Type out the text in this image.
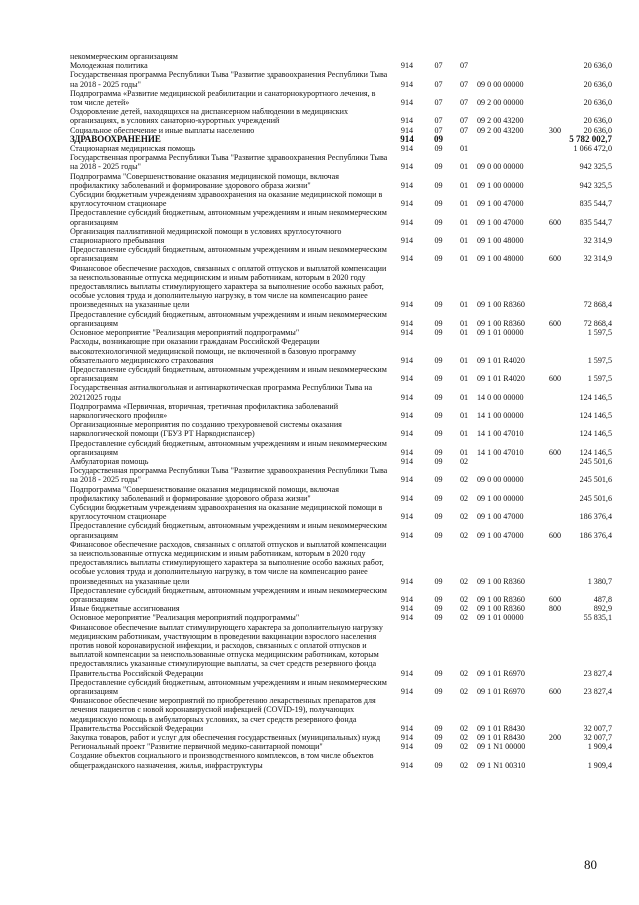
некоммерческим организациям						
Молодежная политика	914	07	07			20 636,0
Государственная программа Республики Тыва "Развитие здравоохранения Республики Тыва на 2018 - 2025 годы"	914	07	07	09 0 00 00000		20 636,0
Подпрограмма «Развитие медицинской реабилитации и санаторнокурортного лечения, в том числе детей»	914	07	07	09 2 00 00000		20 636,0
Оздоровление детей, находящихся на диспансерном наблюдении в медицинских организациях, в условиях санаторно-курортных учреждений	914	07	07	09 2 00 43200		20 636,0
Социальное обеспечение и иные выплаты населению	914	07	07	09 2 00 43200	300	20 636,0
ЗДРАВООХРАНЕНИЕ	914	09				5 782 002,7
Стационарная медицинская помощь	914	09	01			1 066 472,0
Государственная программа Республики Тыва "Развитие здравоохранения Республики Тыва на 2018 - 2025 годы"	914	09	01	09 0 00 00000		942 325,5
Подпрограмма "Совершенствование оказания медицинской помощи, включая профилактику заболеваний и формирование здорового образа жизни"	914	09	01	09 1 00 00000		942 325,5
Субсидии бюджетным учреждениям здравоохранения на оказание медицинской помощи в круглосуточном стационаре	914	09	01	09 1 00 47000		835 544,7
Предоставление субсидий бюджетным, автономным учреждениям и иным некоммерческим организациям	914	09	01	09 1 00 47000	600	835 544,7
Организация паллиативной медицинской помощи в условиях круглосуточного стационарного пребывания	914	09	01	09 1 00 48000		32 314,9
Предоставление субсидий бюджетным, автономным учреждениям и иным некоммерческим организациям	914	09	01	09 1 00 48000	600	32 314,9
Финансовое обеспечение расходов, связанных с оплатой отпусков и выплатой компенсации за неиспользованные отпуска медицинским и иным работникам, которым в 2020 году предоставлялись выплаты стимулирующего характера за выполнение особо важных работ, особые условия труда и дополнительную нагрузку, в том числе на компенсацию ранее произведенных на указанные цели	914	09	01	09 1 00 R8360		72 868,4
Предоставление субсидий бюджетным, автономным учреждениям и иным некоммерческим организациям	914	09	01	09 1 00 R8360	600	72 868,4
Основное мероприятие "Реализация мероприятий подпрограммы"	914	09	01	09 1 01 00000		1 597,5
Расходы, возникающие при оказании гражданам Российской Федерации высокотехнологичной медицинской помощи, не включенной в базовую программу обязательного медицинского страхования	914	09	01	09 1 01 R4020		1 597,5
Предоставление субсидий бюджетным, автономным учреждениям и иным некоммерческим организациям	914	09	01	09 1 01 R4020	600	1 597,5
Государственная антиалкогольная и антинаркотическая программа Республики Тыва на 20212025 годы	914	09	01	14 0 00 00000		124 146,5
Подпрограмма «Первичная, вторичная, третичная профилактика заболеваний наркологического профиля»	914	09	01	14 1 00 00000		124 146,5
Организационные мероприятия по созданию трехуровневой системы оказания наркологической помощи (ГБУЗ РТ Наркодиспансер)	914	09	01	14 1 00 47010		124 146,5
Предоставление субсидий бюджетным, автономным учреждениям и иным некоммерческим организациям	914	09	01	14 1 00 47010	600	124 146,5
Амбулаторная помощь	914	09	02			245 501,6
Государственная программа Республики Тыва "Развитие здравоохранения Республики Тыва на 2018 - 2025 годы"	914	09	02	09 0 00 00000		245 501,6
Подпрограмма "Совершенствование оказания медицинской помощи, включая профилактику заболеваний и формирование здорового образа жизни"	914	09	02	09 1 00 00000		245 501,6
Субсидии бюджетным учреждениям здравоохранения на оказание медицинской помощи в круглосуточном стационаре	914	09	02	09 1 00 47000		186 376,4
Предоставление субсидий бюджетным, автономным учреждениям и иным некоммерческим организациям	914	09	02	09 1 00 47000	600	186 376,4
Финансовое обеспечение расходов, связанных с оплатой отпусков и выплатой компенсации за неиспользованные отпуска медицинским и иным работникам, которым в 2020 году предоставлялись выплаты стимулирующего характера за выполнение особо важных работ, особые условия труда и дополнительную нагрузку, в том числе на компенсацию ранее произведенных на указанные цели	914	09	02	09 1 00 R8360		1 380,7
Предоставление субсидий бюджетным, автономным учреждениям и иным некоммерческим организациям	914	09	02	09 1 00 R8360	600	487,8
Иные бюджетные ассигнования	914	09	02	09 1 00 R8360	800	892,9
Основное мероприятие "Реализация мероприятий подпрограммы"	914	09	02	09 1 01 00000		55 835,1
Финансовое обеспечение выплат стимулирующего характера за дополнительную нагрузку медицинским работникам, участвующим в проведении вакцинации взрослого населения против новой коронавирусной инфекции, и расходов, связанных с оплатой отпусков и выплатой компенсации за неиспользованные отпуска медицинским работникам, которым предоставлялись указанные стимулирующие выплаты, за счет средств резервного фонда Правительства Российской Федерации	914	09	02	09 1 01 R6970		23 827,4
Предоставление субсидий бюджетным, автономным учреждениям и иным некоммерческим организациям	914	09	02	09 1 01 R6970	600	23 827,4
Финансовое обеспечение мероприятий по приобретению лекарственных препаратов для лечения пациентов с новой коронавирусной инфекцией (COVID-19), получающих медицинскую помощь в амбулаторных условиях, за счет средств резервного фонда Правительства Российской Федерации	914	09	02	09 1 01 R8430		32 007,7
Закупка товаров, работ и услуг для обеспечения государственных (муниципальных) нужд	914	09	02	09 1 01 R8430	200	32 007,7
Региональный проект "Развитие первичной медико-санитарной помощи"	914	09	02	09 1 N1 00000		1 909,4
Создание объектов социального и производственного комплексов, в том числе объектов общегражданского назначения, жилья, инфраструктуры	914	09	02	09 1 N1 00310		1 909,4
80
